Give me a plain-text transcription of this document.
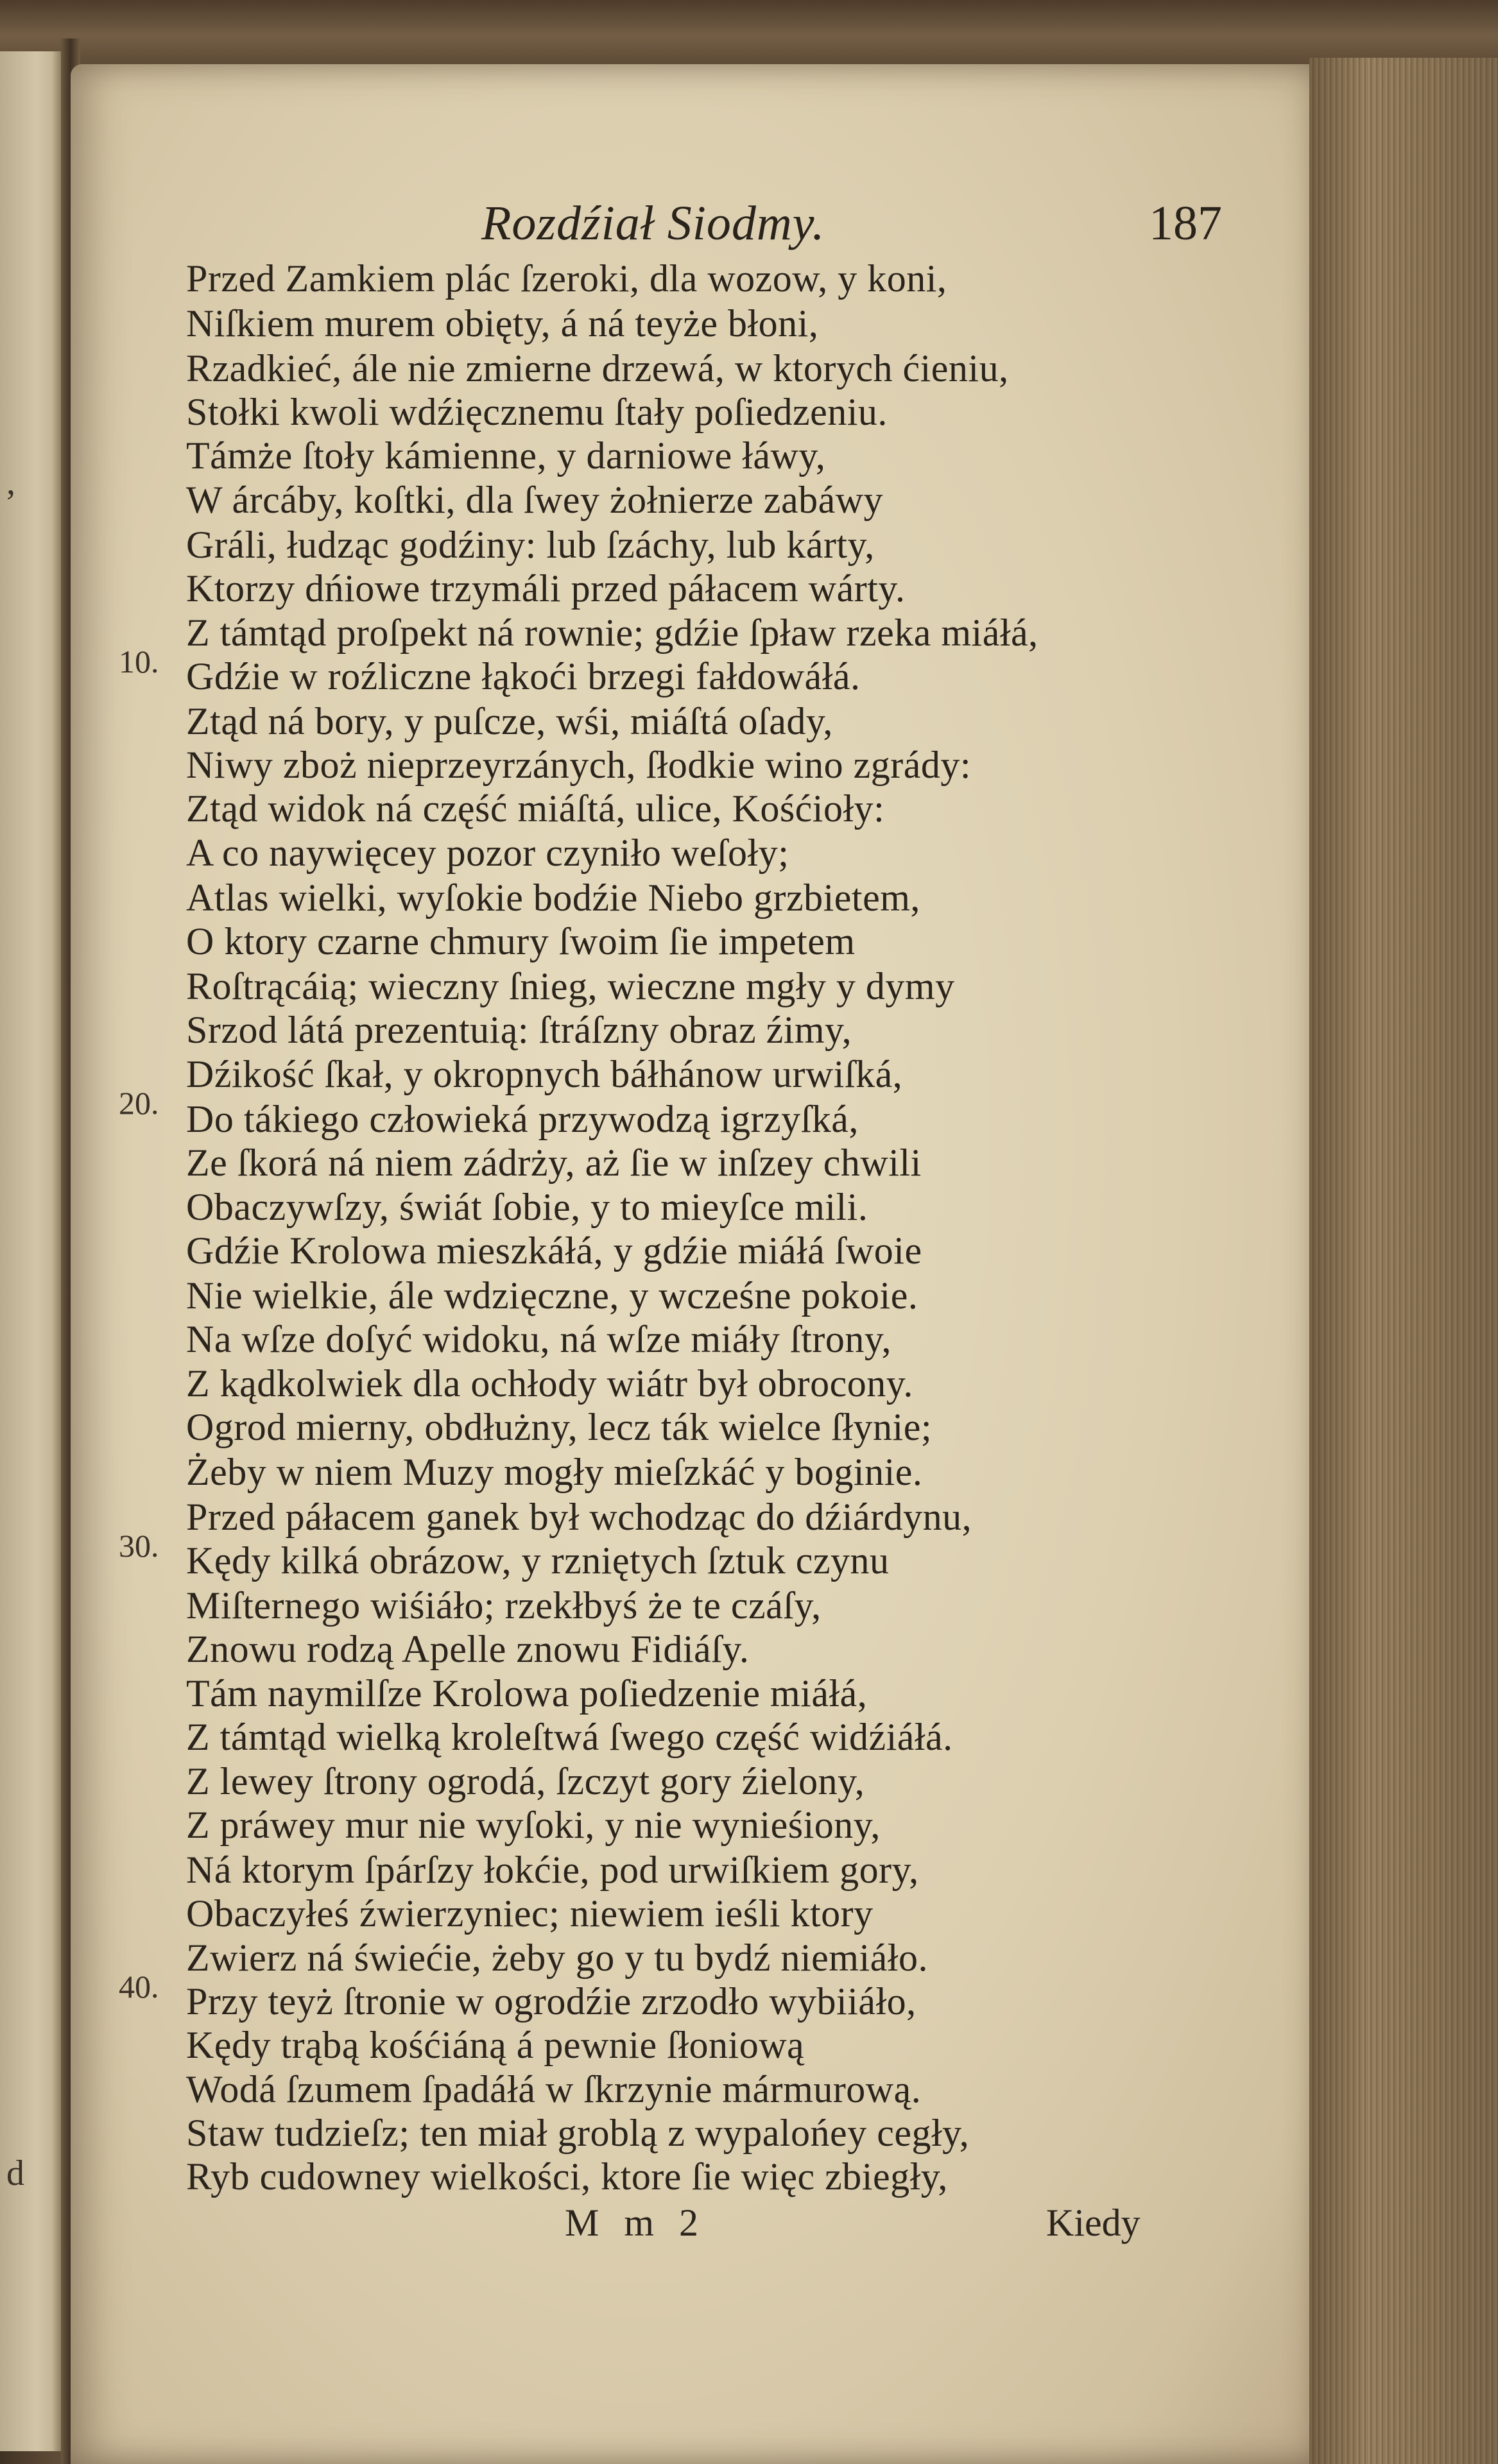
,
d
Rozdźiał Siodmy.	187
Przed Zamkiem plác ſzeroki, dla wozow, y koni,
Niſkiem murem obięty, á ná teyże błoni,
Rzadkieć, ále nie zmierne drzewá, w ktorych ćieniu,
Stołki kwoli wdźięcznemu ſtały poſiedzeniu.
Támże ſtoły kámienne, y darniowe łáwy,
W árcáby, koſtki, dla ſwey żołnierze zabáwy
Gráli, łudząc godźiny: lub ſzáchy, lub kárty,
Ktorzy dńiowe trzymáli przed páłacem wárty.
Z támtąd proſpekt ná rownie; gdźie ſpław rzeka miáłá,
Gdźie w roźliczne łąkoći brzegi fałdowáłá.
Ztąd ná bory, y puſcze, wśi, miáſtá oſady,
Niwy zboż nieprzeyrzánych, ſłodkie wino zgrády:
Ztąd widok ná część miáſtá, ulice, Kośćioły:
A co naywięcey pozor czyniło weſoły;
Atlas wielki, wyſokie bodźie Niebo grzbietem,
O ktory czarne chmury ſwoim ſie impetem
Roſtrącáią; wieczny ſnieg, wieczne mgły y dymy
Srzod látá prezentuią: ſtráſzny obraz źimy,
Dźikość ſkał, y okropnych báłhánow urwiſká,
Do tákiego człowieká przywodzą igrzyſká,
Ze ſkorá ná niem zádrży, aż ſie w inſzey chwili
Obaczywſzy, świát ſobie, y to mieyſce mili.
Gdźie Krolowa mieszkáłá, y gdźie miáłá ſwoie
Nie wielkie, ále wdzięczne, y wcześne pokoie.
Na wſze doſyć widoku, ná wſze miáły ſtrony,
Z kądkolwiek dla ochłody wiátr był obrocony.
Ogrod mierny, obdłużny, lecz ták wielce ſłynie;
Żeby w niem Muzy mogły mieſzkáć y boginie.
Przed páłacem ganek był wchodząc do dźiárdynu,
Kędy kilká obrázow, y rzniętych ſztuk czynu
Miſternego wiśiáło; rzekłbyś że te czáſy,
Znowu rodzą Apelle znowu Fidiáſy.
Tám naymilſze Krolowa poſiedzenie miáłá,
Z támtąd wielką kroleſtwá ſwego część widźiáłá.
Z lewey ſtrony ogrodá, ſzczyt gory źielony,
Z práwey mur nie wyſoki, y nie wynieśiony,
Ná ktorym ſpárſzy łokćie, pod urwiſkiem gory,
Obaczyłeś źwierzyniec; niewiem ieśli ktory
Zwierz ná świećie, żeby go y tu bydź niemiáło.
Przy teyż ſtronie w ogrodźie zrzodło wybiiáło,
Kędy trąbą kośćiáną á pewnie ſłoniową
Wodá ſzumem ſpadáłá w ſkrzynie mármurową.
Staw tudzieſz; ten miał groblą z wypalońey cegły,
Ryb cudowney wielkości, ktore ſie więc zbiegły,
10.
20.
30.
40.
M m 2	Kiedy
